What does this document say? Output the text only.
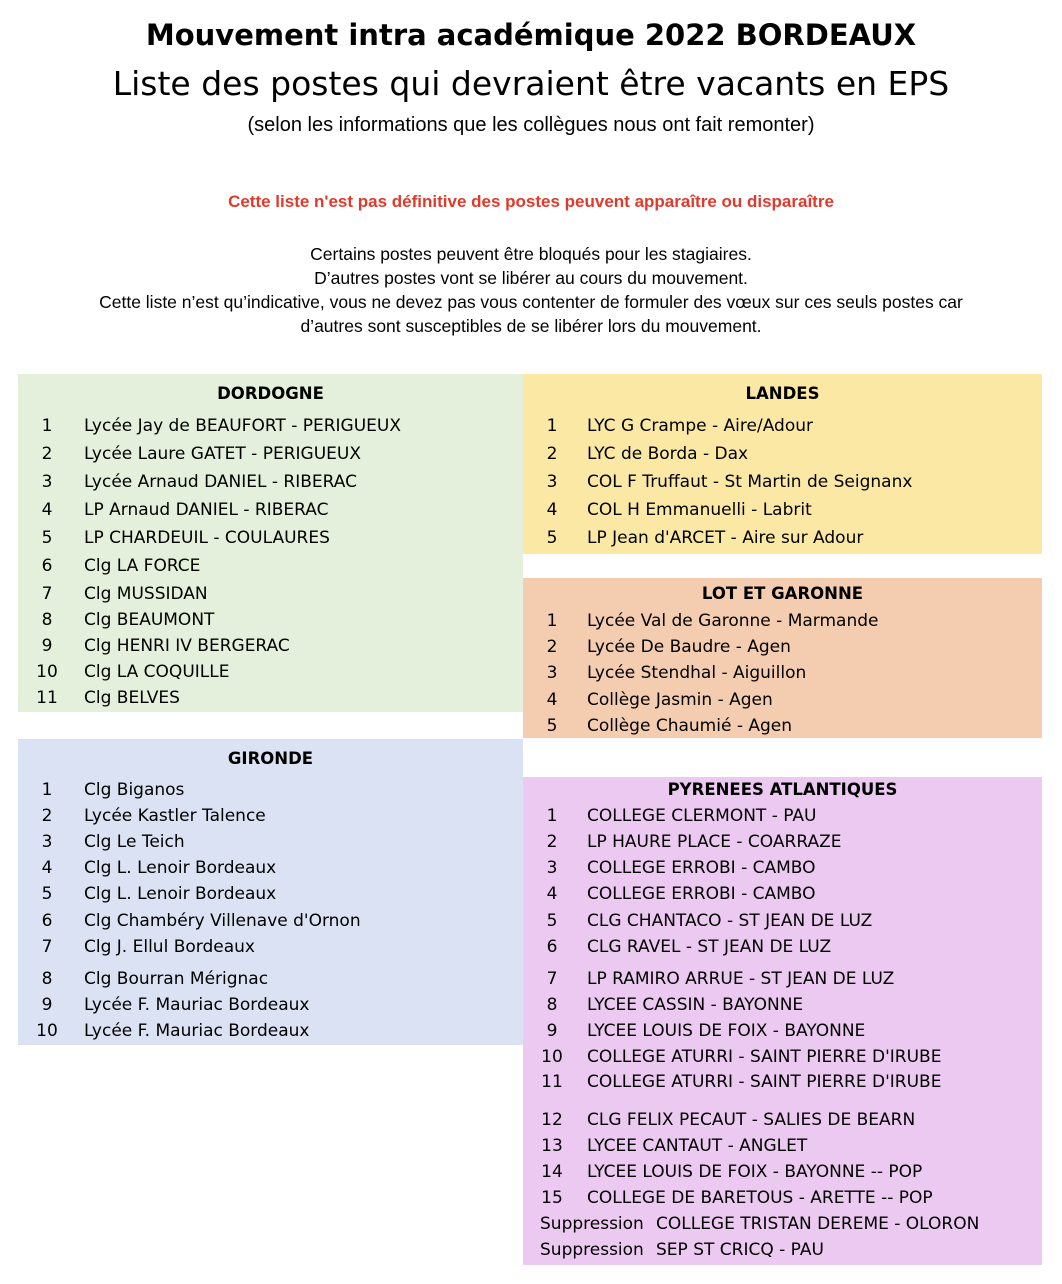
Mouvement intra académique 2022 BORDEAUX
Liste des postes qui devraient être vacants en EPS
(selon les informations que les collègues nous ont fait remonter)
Cette liste n'est pas définitive des postes peuvent apparaître ou disparaître
Certains postes peuvent être bloqués pour les stagiaires.
D’autres postes vont se libérer au cours du mouvement.
Cette liste n’est qu’indicative, vous ne devez pas vous contenter de formuler des vœux sur ces seuls postes car
d’autres sont susceptibles de se libérer lors du mouvement.
DORDOGNE
1	Lycée Jay de BEAUFORT - PERIGUEUX
2	Lycée Laure GATET - PERIGUEUX
3	Lycée Arnaud DANIEL - RIBERAC
4	LP Arnaud DANIEL - RIBERAC
5	LP CHARDEUIL - COULAURES
6	Clg LA FORCE
7	Clg MUSSIDAN
8	Clg BEAUMONT
9	Clg HENRI IV BERGERAC
10 Clg LA COQUILLE
11 Clg BELVES
GIRONDE
1	Clg Biganos
2	Lycée Kastler Talence
3	Clg Le Teich
4	Clg L. Lenoir Bordeaux
5	Clg L. Lenoir Bordeaux
6	Clg Chambéry Villenave d'Ornon
7	Clg J. Ellul Bordeaux
8	Clg Bourran Mérignac
9	Lycée F. Mauriac Bordeaux
10 Lycée F. Mauriac Bordeaux
LANDES
1	LYC G Crampe - Aire/Adour
2	LYC de Borda - Dax
3	COL F Truffaut - St Martin de Seignanx
4	COL H Emmanuelli - Labrit
5	LP Jean d'ARCET - Aire sur Adour
LOT ET GARONNE
1	Lycée Val de Garonne - Marmande
2	Lycée De Baudre - Agen
3	Lycée Stendhal - Aiguillon
4	Collège Jasmin - Agen
5	Collège Chaumié - Agen
PYRENEES ATLANTIQUES
1	COLLEGE CLERMONT - PAU
2	LP HAURE PLACE - COARRAZE
3	COLLEGE ERROBI - CAMBO
4	COLLEGE ERROBI - CAMBO
5	CLG CHANTACO - ST JEAN DE LUZ
6	CLG RAVEL - ST JEAN DE LUZ
7	LP RAMIRO ARRUE - ST JEAN DE LUZ
8	LYCEE CASSIN - BAYONNE
9	LYCEE LOUIS DE FOIX - BAYONNE
10 COLLEGE ATURRI - SAINT PIERRE D'IRUBE
11 COLLEGE ATURRI - SAINT PIERRE D'IRUBE
12 CLG FELIX PECAUT - SALIES DE BEARN
13 LYCEE CANTAUT - ANGLET
14 LYCEE LOUIS DE FOIX - BAYONNE -- POP
15 COLLEGE DE BARETOUS - ARETTE -- POP
Suppression COLLEGE TRISTAN DEREME - OLORON
Suppression SEP ST CRICQ - PAU
